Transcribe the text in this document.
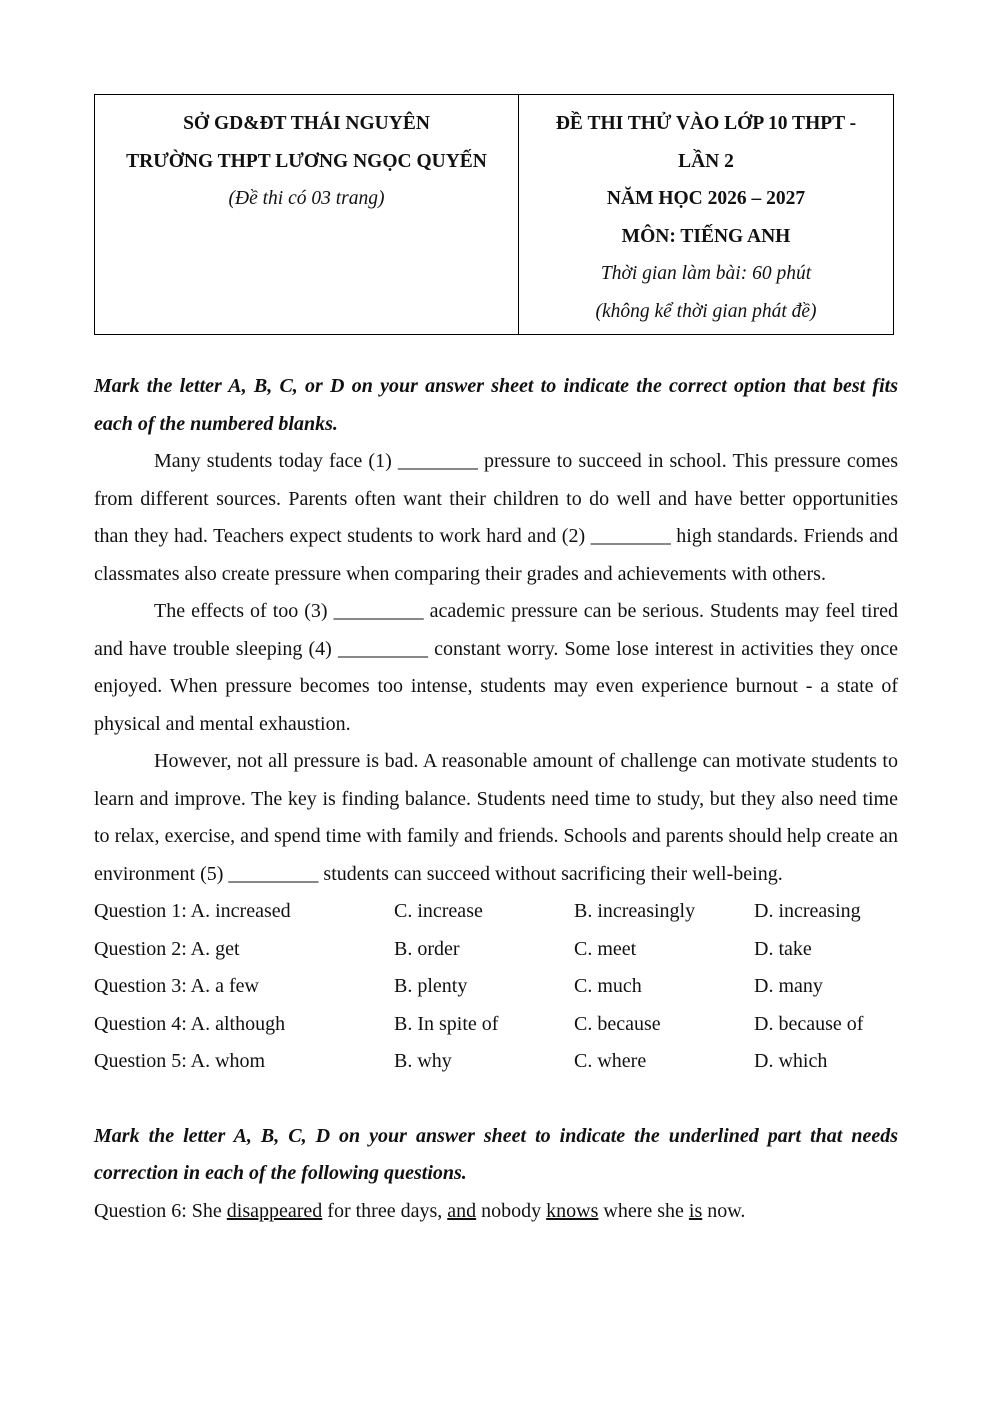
SỞ GD&ĐT THÁI NGUYÊN
TRƯỜNG THPT LƯƠNG NGỌC QUYẾN
(Đề thi có 03 trang)
ĐỀ THI THỬ VÀO LỚP 10 THPT -
LẦN 2
NĂM HỌC 2026 – 2027
MÔN: TIẾNG ANH
Thời gian làm bài: 60 phút
(không kể thời gian phát đề)
Mark the letter A, B, C, or D on your answer sheet to indicate the correct option that best fits each of the numbered blanks.
Many students today face (1) ________ pressure to succeed in school. This pressure comes from different sources. Parents often want their children to do well and have better opportunities than they had. Teachers expect students to work hard and (2) ________ high standards. Friends and classmates also create pressure when comparing their grades and achievements with others.
The effects of too (3) _________ academic pressure can be serious. Students may feel tired and have trouble sleeping (4) _________ constant worry. Some lose interest in activities they once enjoyed. When pressure becomes too intense, students may even experience burnout - a state of physical and mental exhaustion.
However, not all pressure is bad. A reasonable amount of challenge can motivate students to learn and improve. The key is finding balance. Students need time to study, but they also need time to relax, exercise, and spend time with family and friends. Schools and parents should help create an environment (5) _________ students can succeed without sacrificing their well-being.
Question 1: A. increased	C. increase	B. increasingly	D. increasing
Question 2: A. get	B. order	C. meet	D. take
Question 3: A. a few	B. plenty	C. much	D. many
Question 4: A. although	B. In spite of	C. because	D. because of
Question 5: A. whom	B. why	C. where	D. which
Mark the letter A, B, C, D on your answer sheet to indicate the underlined part that needs correction in each of the following questions.
Question 6: She disappeared for three days, and nobody knows where she is now.
